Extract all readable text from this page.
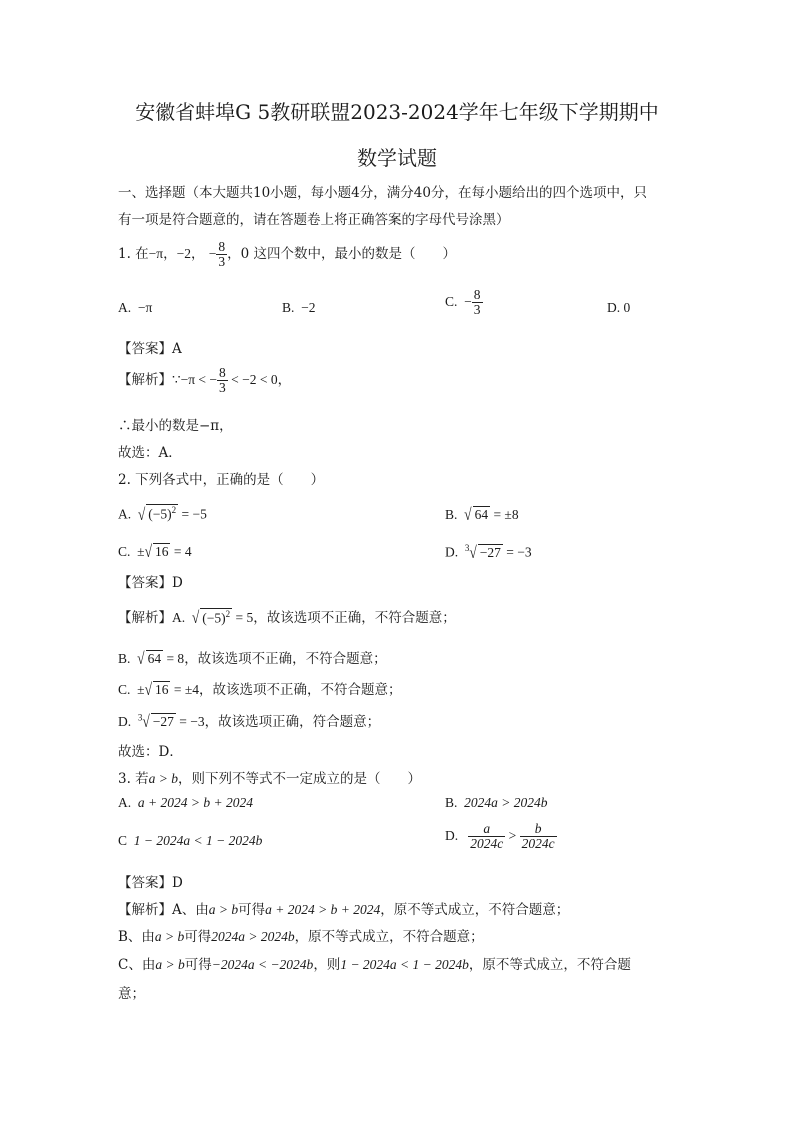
安徽省蚌埠G 5教研联盟2023-2024学年七年级下学期期中
数学试题
一、选择题（本大题共10小题，每小题4分，满分40分，在每小题给出的四个选项中，只
有一项是符合题意的，请在答题卷上将正确答案的字母代号涂黑）
1. 在−π，−2， − $\frac{8}{3}$ ，0 这四个数中，最小的数是（　　）
A. −π	B. −2	C. − $\frac{8}{3}$	D. 0
【答案】A
【解析】∵−π < − $\frac{8}{3} < -2 < 0$，
∴最小的数是−π，
故选：A．
2. 下列各式中，正确的是（　　）
A. √ $(-5)^2 = -5$	B. √ 64 = ±8
C. ±√ 16 = 4	D. $^3$√ −27 = −3
【答案】D
【解析】A. √ $(-5)^2 = 5$，故该选项不正确，不符合题意；
B. √ 64 = 8，故该选项不正确，不符合题意；
C. ±√ 16 = ±4，故该选项不正确，不符合题意；
D. $^3$√ −27 = −3，故该选项正确，符合题意；
故选：D．
3. 若a > b，则下列不等式不一定成立的是（　　）
A. a + 2024 > b + 2024	B. 2024a > 2024b
C 1 − 2024a < 1 − 2024b	D. $\frac{a}{2024c} > \frac{b}{2024c}$
【答案】D
【解析】A、由a > b可得a + 2024 > b + 2024，原不等式成立，不符合题意；
B、由a > b可得2024a > 2024b，原不等式成立，不符合题意；
C、由a > b可得−2024a < −2024b，则1 − 2024a < 1 − 2024b，原不等式成立，不符合题
意；
